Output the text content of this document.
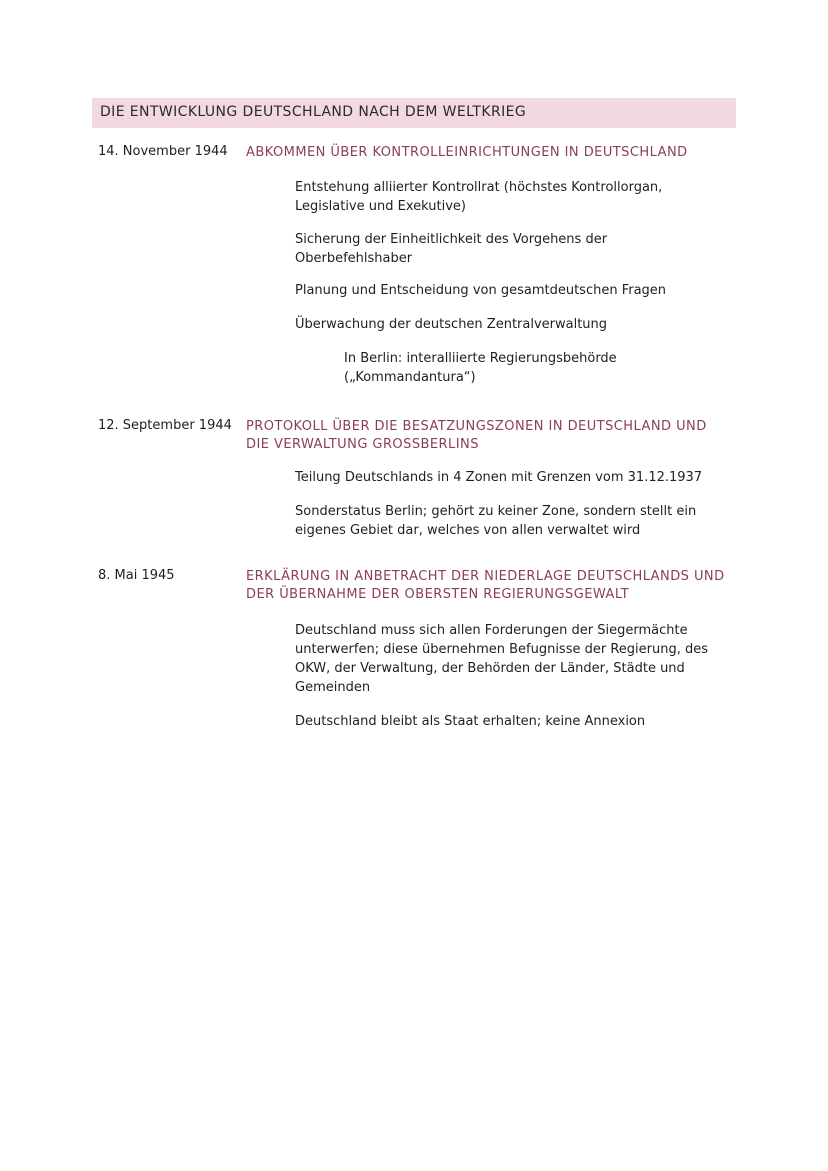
DIE ENTWICKLUNG DEUTSCHLAND NACH DEM WELTKRIEG
14. November 1944 ABKOMMEN ÜBER KONTROLLEINRICHTUNGEN IN DEUTSCHLAND
Entstehung alliierter Kontrollrat (höchstes Kontrollorgan, Legislative und Exekutive)
Sicherung der Einheitlichkeit des Vorgehens der Oberbefehlshaber
Planung und Entscheidung von gesamtdeutschen Fragen
Überwachung der deutschen Zentralverwaltung
In Berlin: interalliierte Regierungsbehörde („Kommandantura“)
12. September 1944 PROTOKOLL ÜBER DIE BESATZUNGSZONEN IN DEUTSCHLAND UND DIE VERWALTUNG GROSSBERLINS
Teilung Deutschlands in 4 Zonen mit Grenzen vom 31.12.1937
Sonderstatus Berlin; gehört zu keiner Zone, sondern stellt ein eigenes Gebiet dar, welches von allen verwaltet wird
8. Mai 1945	ERKLÄRUNG IN ANBETRACHT DER NIEDERLAGE DEUTSCHLANDS UND DER ÜBERNAHME DER OBERSTEN REGIERUNGSGEWALT
Deutschland muss sich allen Forderungen der Siegermächte unterwerfen; diese übernehmen Befugnisse der Regierung, des OKW, der Verwaltung, der Behörden der Länder, Städte und Gemeinden
Deutschland bleibt als Staat erhalten; keine Annexion
